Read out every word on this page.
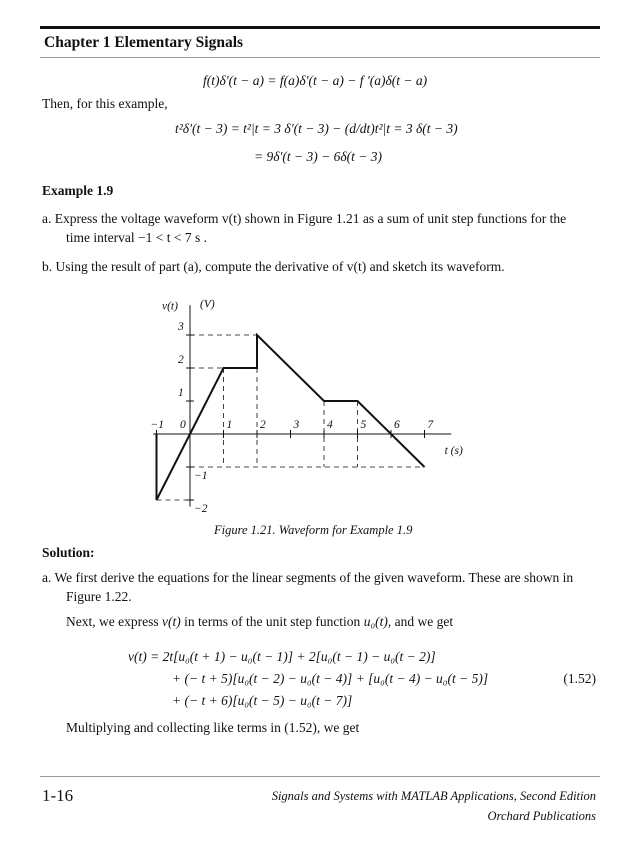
Chapter 1 Elementary Signals
f(t)δ'(t − a) = f(a)δ'(t − a) − f '(a)δ(t − a)
Then, for this example,
t²δ'(t − 3) = t²|t = 3 δ'(t − 3) − (d/dt)t²|t = 3 δ(t − 3)
= 9δ'(t − 3) − 6δ(t − 3)
Example 1.9
a. Express the voltage waveform v(t) shown in Figure 1.21 as a sum of unit step functions for the
time interval −1 < t < 7 s .
b. Using the result of part (a), compute the derivative of v(t) and sketch its waveform.
v(t) (V)
t (s)
−1 0	1 2 3 4 5 6 7
3
2
1
−1
−2
Figure 1.21. Waveform for Example 1.9
Solution:
a. We first derive the equations for the linear segments of the given waveform. These are shown in
Figure 1.22.
Next, we express v(t) in terms of the unit step function u₀(t), and we get
v(t) = 2t[u₀(t + 1) − u₀(t − 1)] + 2[u₀(t − 1) − u₀(t − 2)]
+ (− t + 5)[u₀(t − 2) − u₀(t − 4)] + [u₀(t − 4) − u₀(t − 5)]	(1.52)
+ (− t + 6)[u₀(t − 5) − u₀(t − 7)]
Multiplying and collecting like terms in (1.52), we get
1-16	Signals and Systems with MATLAB Applications, Second Edition
Orchard Publications
